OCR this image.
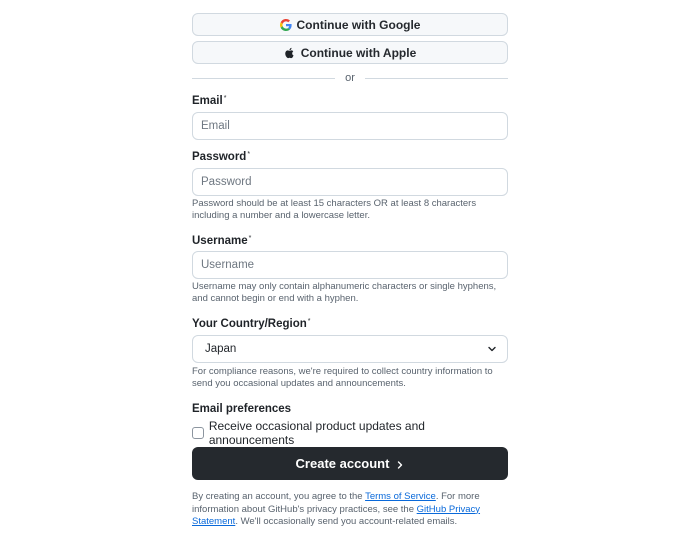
Continue with Google
Continue with Apple
or
Email*
Email
Password*
Password should be at least 15 characters OR at least 8 characters including a number and a lowercase letter.
Username*
Username
Username may only contain alphanumeric characters or single hyphens, and cannot begin or end with a hyphen.
Your Country/Region*
Japan
For compliance reasons, we're required to collect country information to send you occasional updates and announcements.
Email preferences
Receive occasional product updates and announcements
Create account
By creating an account, you agree to the Terms of Service. For more information about GitHub's privacy practices, see the GitHub Privacy Statement. We'll occasionally send you account-related emails.
